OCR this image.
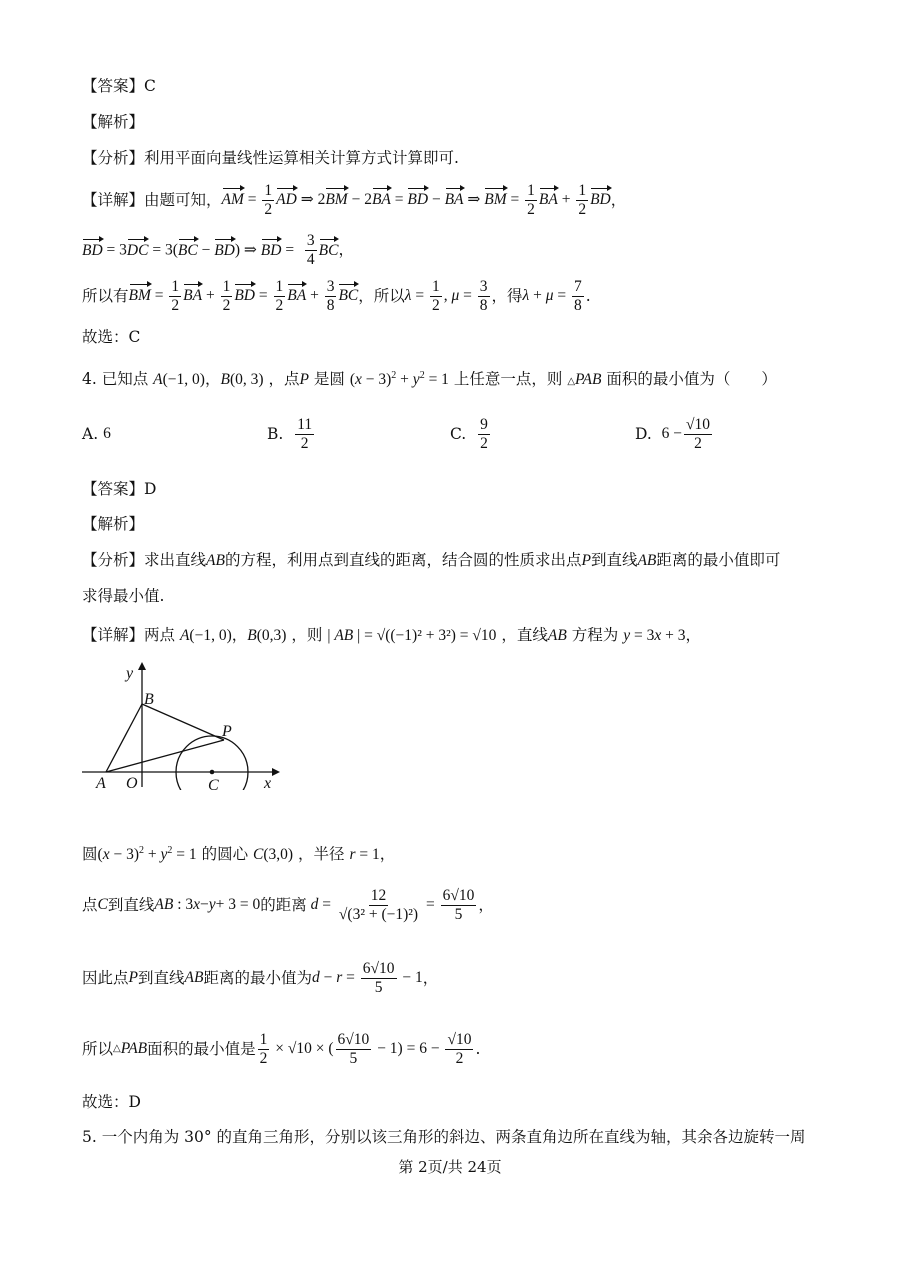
【答案】C
【解析】
【分析】利用平面向量线性运算相关计算方式计算即可.
【详解】由题可知， AM = $\frac{1}{2}$ AD ⇒ 2 BM − 2 BA = BD − BA ⇒ BM = $\frac{1}{2}$ BA + $\frac{1}{2}$ BD ，
BD = 3DC = 3(BC − BD) ⇒ BD = $\frac{3}{4}$ BC，
所以有 BM = $\frac{1}{2}$ BA + $\frac{1}{2}$ BD = $\frac{1}{2}$ BA + $\frac{3}{8}$ BC ，所以 $\lambda = \frac{1}{2}$ , $\mu = \frac{3}{8}$ ，得 $\lambda + \mu = \frac{7}{8}$ .
故选：C
4. 已知点 A(−1, 0)，B(0, 3) ，点P 是圆 $(x - 3)^2 + y^2 = 1$ 上任意一点，则 △PAB 面积的最小值为（　　）
A.
6	B.
$\frac{11}{2}$	C.
$\frac{9}{2}$	D.
$6 - \frac{√10}{2}$
【答案】D
【解析】
【分析】求出直线AB的方程，利用点到直线的距离，结合圆的性质求出点P到直线AB距离的最小值即可
求得最小值.
【详解】两点 A(−1, 0)，B(0,3) ，则 | AB | = √((−1)² + 3²) = √10 ，直线AB 方程为 y = 3x + 3，
y
B
P
A O	C	x
圆$(x - 3)^2 + y^2 = 1$ 的圆心 C(3,0) ，半径 r = 1，
点 C 到直线 AB : 3 x − y + 3 = 0 的距离 $d = \frac{12}{\text{√(3² + (−1)²)}} = \frac{6√10}{5}$ ，
因此点 P 到直线 AB 距离的最小值为 $d - r = \frac{6√10}{5} - 1$ ，
所以 △ PAB 面积的最小值是 $\frac{1}{2} \times √10$ × ( $\frac{6√10}{5} - 1) = 6 - \frac{√10}{2}$ .
故选：D
5. 一个内角为 30° 的直角三角形，分别以该三角形的斜边、两条直角边所在直线为轴，其余各边旋转一周
第 2页/共 24页
